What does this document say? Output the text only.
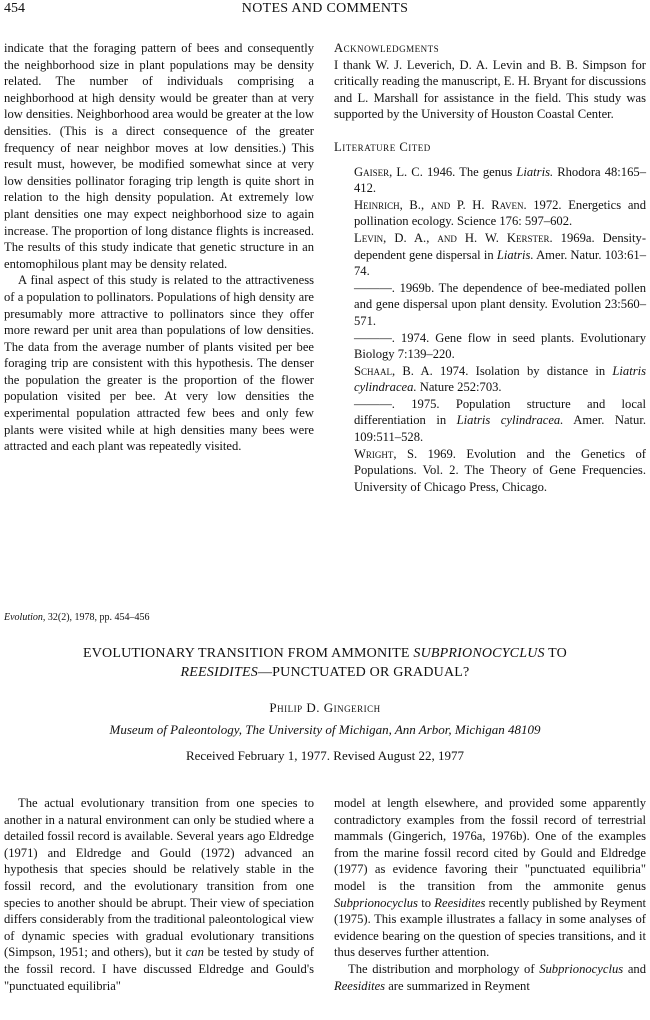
454	NOTES AND COMMENTS

indicate that the foraging pattern of bees and consequently the neighborhood size in plant populations may be density related. The number of individuals comprising a neighborhood at high density would be greater than at very low densities. Neighborhood area would be greater at the low densities. (This is a direct consequence of the greater frequency of near neighbor moves at low densities.) This result must, however, be modified somewhat since at very low densities pollinator foraging trip length is quite short in relation to the high density population. At extremely low plant densities one may expect neighborhood size to again increase. The proportion of long distance flights is increased. The results of this study indicate that genetic structure in an entomophilous plant may be density related.

A final aspect of this study is related to the attractiveness of a population to pollinators. Populations of high density are presumably more attractive to pollinators since they offer more reward per unit area than populations of low densities. The data from the average number of plants visited per bee foraging trip are consistent with this hypothesis. The denser the population the greater is the proportion of the flower population visited per bee. At very low densities the experimental population attracted few bees and only few plants were visited while at high densities many bees were attracted and each plant was repeatedly visited.

Acknowledgments

I thank W. J. Leverich, D. A. Levin and B. B. Simpson for critically reading the manuscript, E. H. Bryant for discussions and L. Marshall for assistance in the field. This study was supported by the University of Houston Coastal Center.

Literature Cited

Gaiser, L. C. 1946. The genus Liatris. Rhodora 48:165–412.

Heinrich, B., and P. H. Raven. 1972. Energetics and pollination ecology. Science 176: 597–602.

Levin, D. A., and H. W. Kerster. 1969a. Density-dependent gene dispersal in Liatris. Amer. Natur. 103:61–74.

———. 1969b. The dependence of bee-mediated pollen and gene dispersal upon plant density. Evolution 23:560–571.

———. 1974. Gene flow in seed plants. Evolutionary Biology 7:139–220.

Schaal, B. A. 1974. Isolation by distance in Liatris cylindracea. Nature 252:703.

———. 1975. Population structure and local differentiation in Liatris cylindracea. Amer. Natur. 109:511–528.

Wright, S. 1969. Evolution and the Genetics of Populations. Vol. 2. The Theory of Gene Frequencies. University of Chicago Press, Chicago.

Evolution, 32(2), 1978, pp. 454–456
EVOLUTIONARY TRANSITION FROM AMMONITE SUBPRIONOCYCLUS TO
REESIDITES—PUNCTUATED OR GRADUAL?
Philip D. Gingerich
Museum of Paleontology, The University of Michigan, Ann Arbor, Michigan 48109
Received February 1, 1977. Revised August 22, 1977

The actual evolutionary transition from one species to another in a natural environment can only be studied where a detailed fossil record is available. Several years ago Eldredge (1971) and Eldredge and Gould (1972) advanced an hypothesis that species should be relatively stable in the fossil record, and the evolutionary transition from one species to another should be abrupt. Their view of speciation differs considerably from the traditional paleontological view of dynamic species with gradual evolutionary transitions (Simpson, 1951; and others), but it can be tested by study of the fossil record. I have discussed Eldredge and Gould's "punctuated equilibria"

model at length elsewhere, and provided some apparently contradictory examples from the fossil record of terrestrial mammals (Gingerich, 1976a, 1976b). One of the examples from the marine fossil record cited by Gould and Eldredge (1977) as evidence favoring their "punctuated equilibria" model is the transition from the ammonite genus Subprionocyclus to Reesidites recently published by Reyment (1975). This example illustrates a fallacy in some analyses of evidence bearing on the question of species transitions, and it thus deserves further attention.

The distribution and morphology of Subprionocyclus and Reesidites are summarized in Reyment
